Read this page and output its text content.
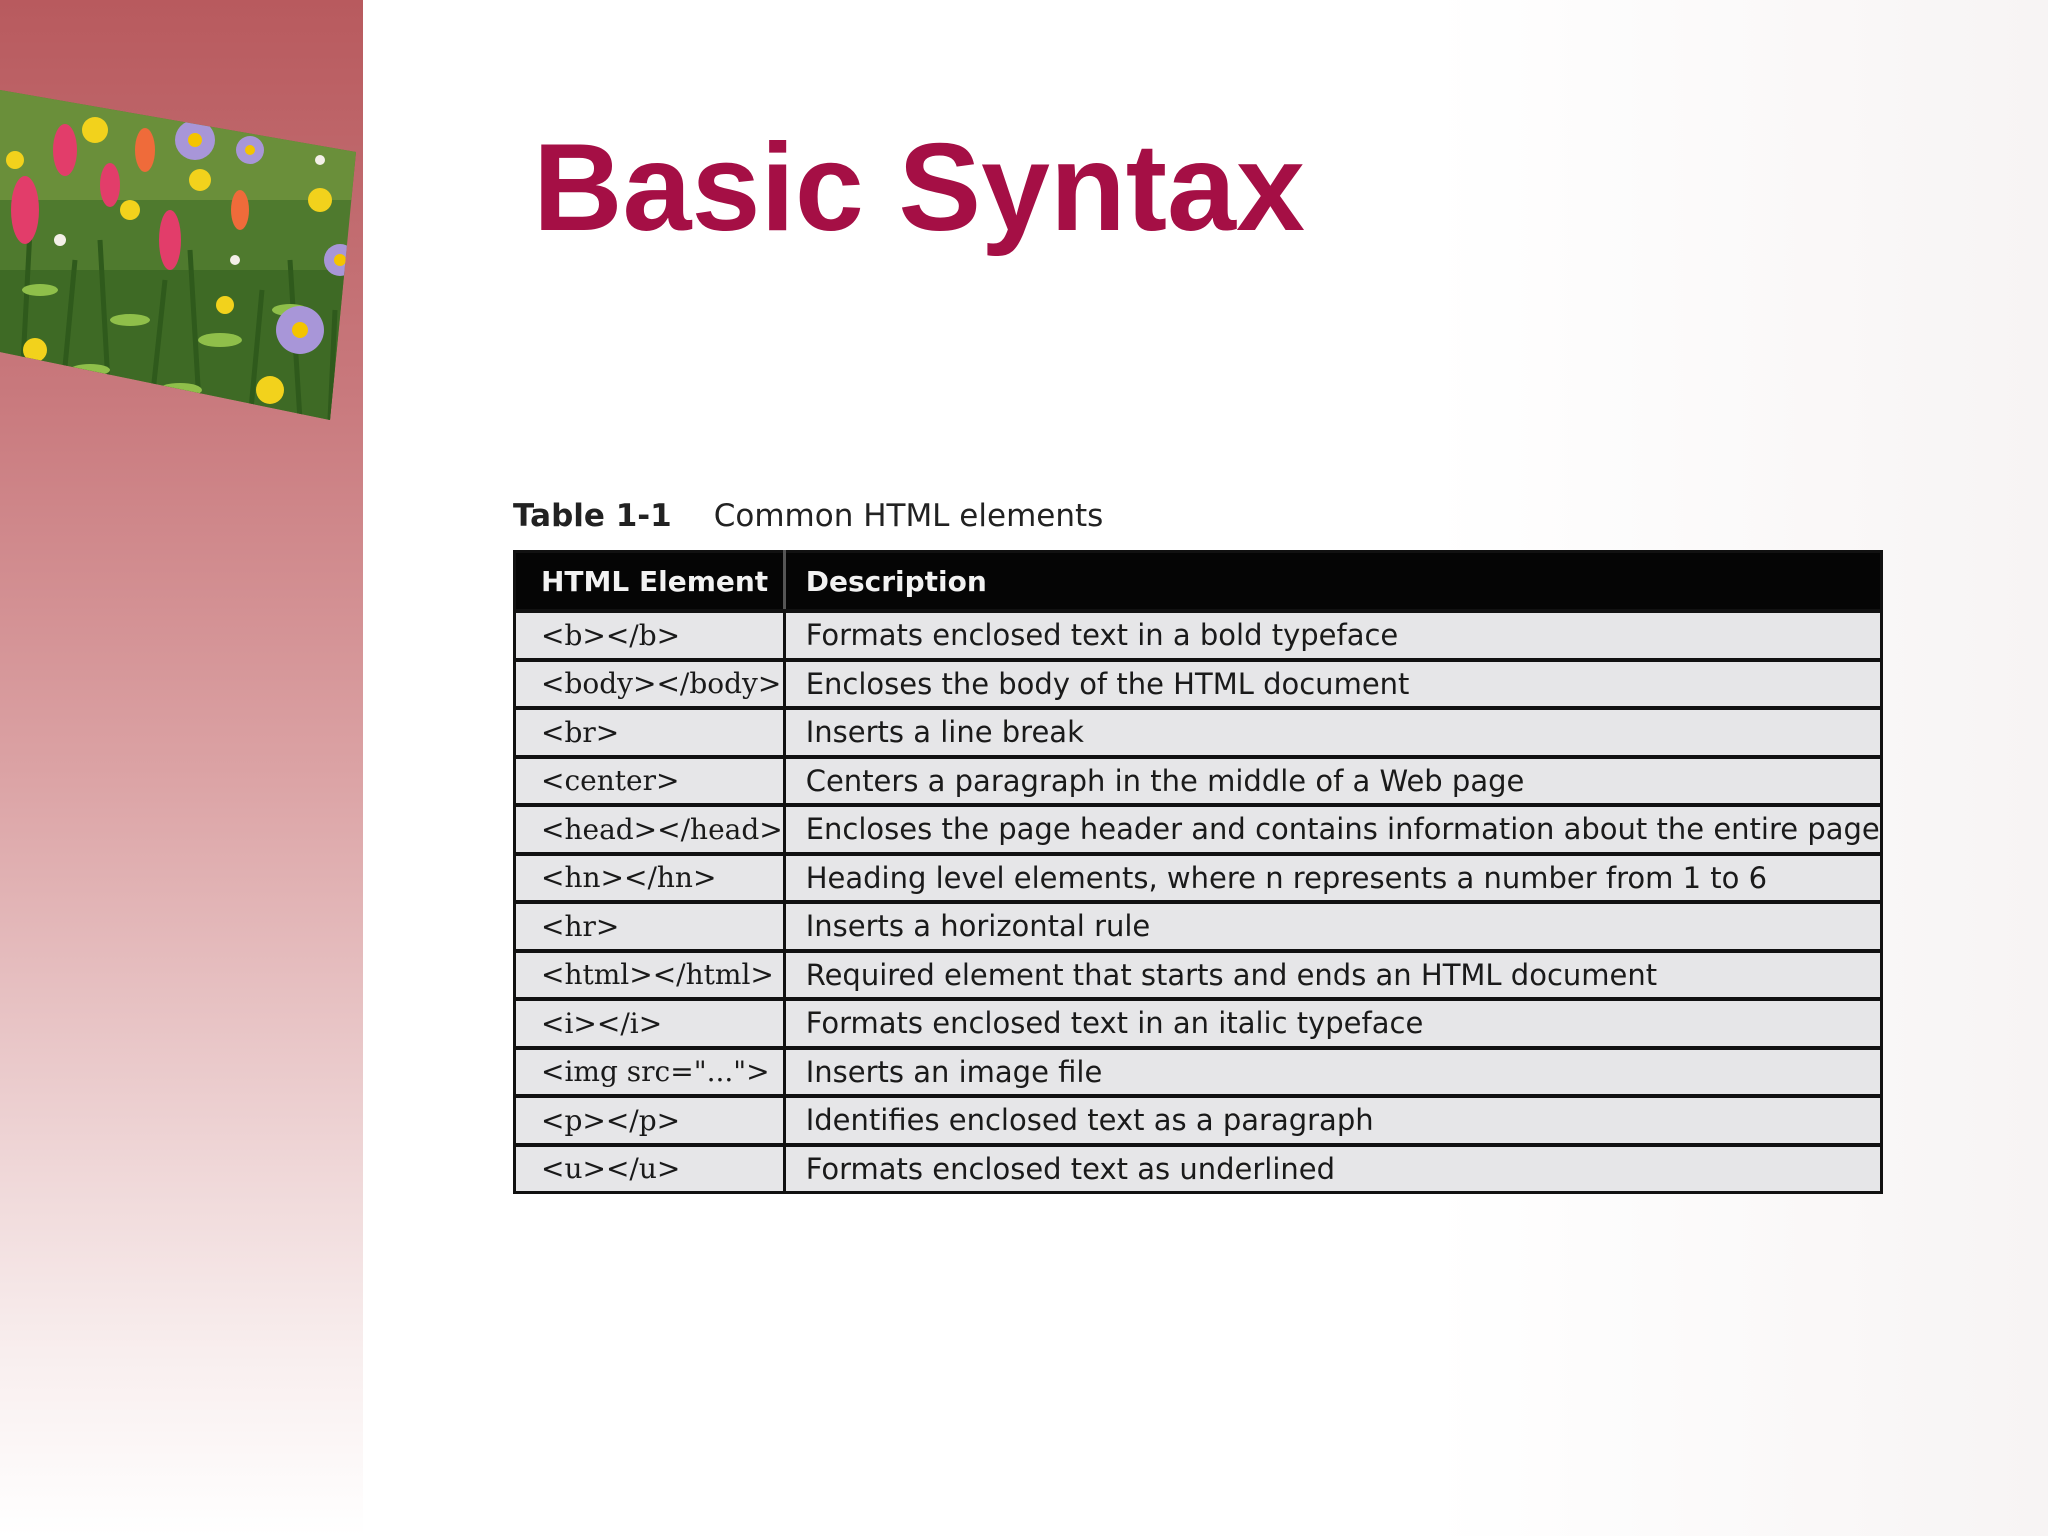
Basic Syntax
Table 1-1 Common HTML elements
HTML Element	Description
<b></b>	Formats enclosed text in a bold typeface
<body></body>	Encloses the body of the HTML document
<br>	Inserts a line break
<center>	Centers a paragraph in the middle of a Web page
<head></head>	Encloses the page header and contains information about the entire page
<hn></hn>	Heading level elements, where n represents a number from 1 to 6
<hr>	Inserts a horizontal rule
<html></html>	Required element that starts and ends an HTML document
<i></i>	Formats enclosed text in an italic typeface
<img src="...">	Inserts an image file
<p></p>	Identifies enclosed text as a paragraph
<u></u>	Formats enclosed text as underlined
